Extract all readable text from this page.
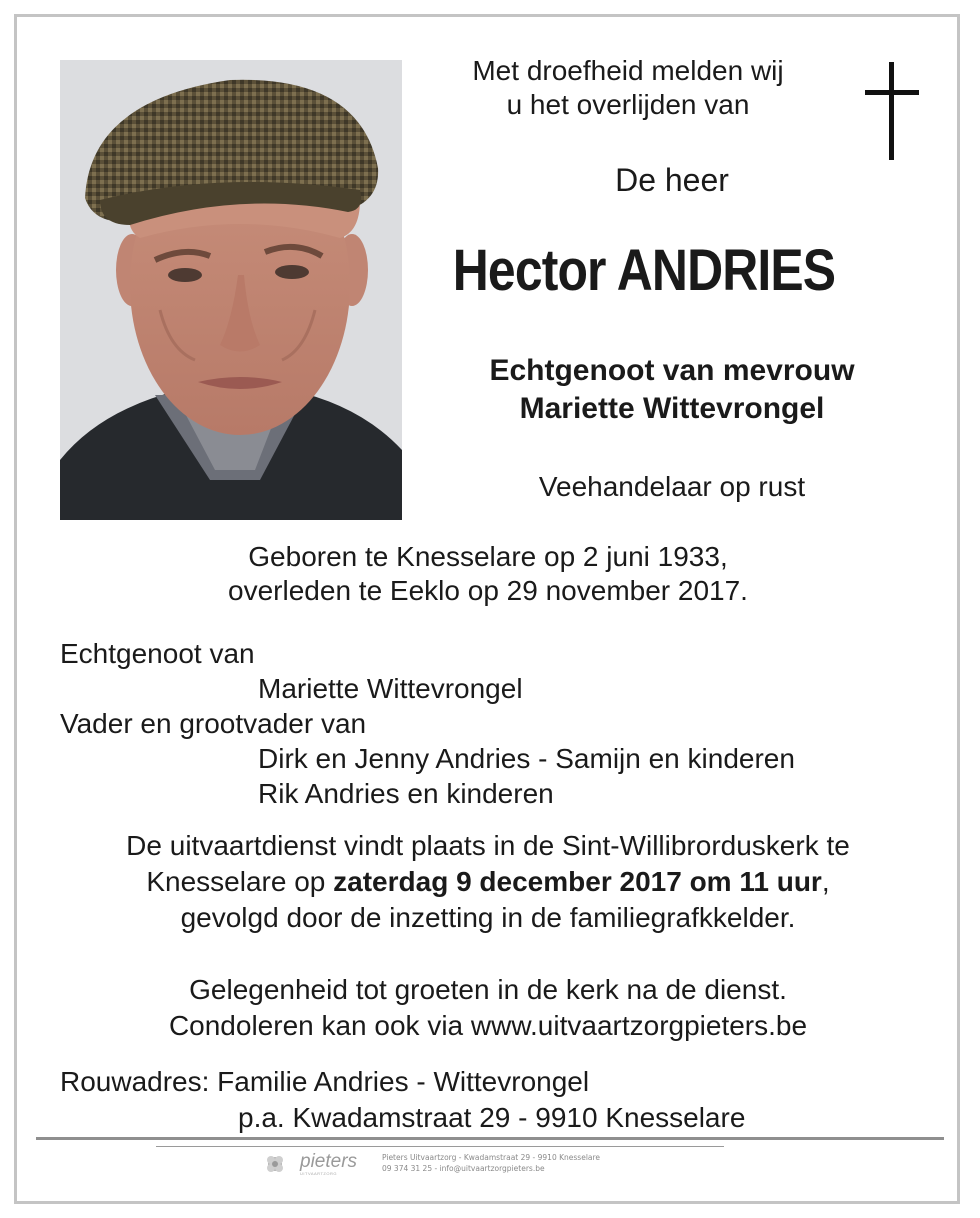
Met droefheid melden wij
u het overlijden van
De heer
Hector ANDRIES
Echtgenoot van mevrouw
Mariette Wittevrongel
Veehandelaar op rust
Geboren te Knesselare op 2 juni 1933,
overleden te Eeklo op 29 november 2017.
Echtgenoot van
Mariette Wittevrongel
Vader en grootvader van
Dirk en Jenny Andries - Samijn en kinderen
Rik Andries en kinderen
De uitvaartdienst vindt plaats in de Sint-Willibrorduskerk te
Knesselare op zaterdag 9 december 2017 om 11 uur,
gevolgd door de inzetting in de familiegrafkkelder.
Gelegenheid tot groeten in de kerk na de dienst.
Condoleren kan ook via www.uitvaartzorgpieters.be
Rouwadres: Familie Andries - Wittevrongel
p.a. Kwadamstraat 29 - 9910 Knesselare
pieters
UITVAARTZORG
Pieters Uitvaartzorg - Kwadamstraat 29 - 9910 Knesselare
09 374 31 25 - info@uitvaartzorgpieters.be
